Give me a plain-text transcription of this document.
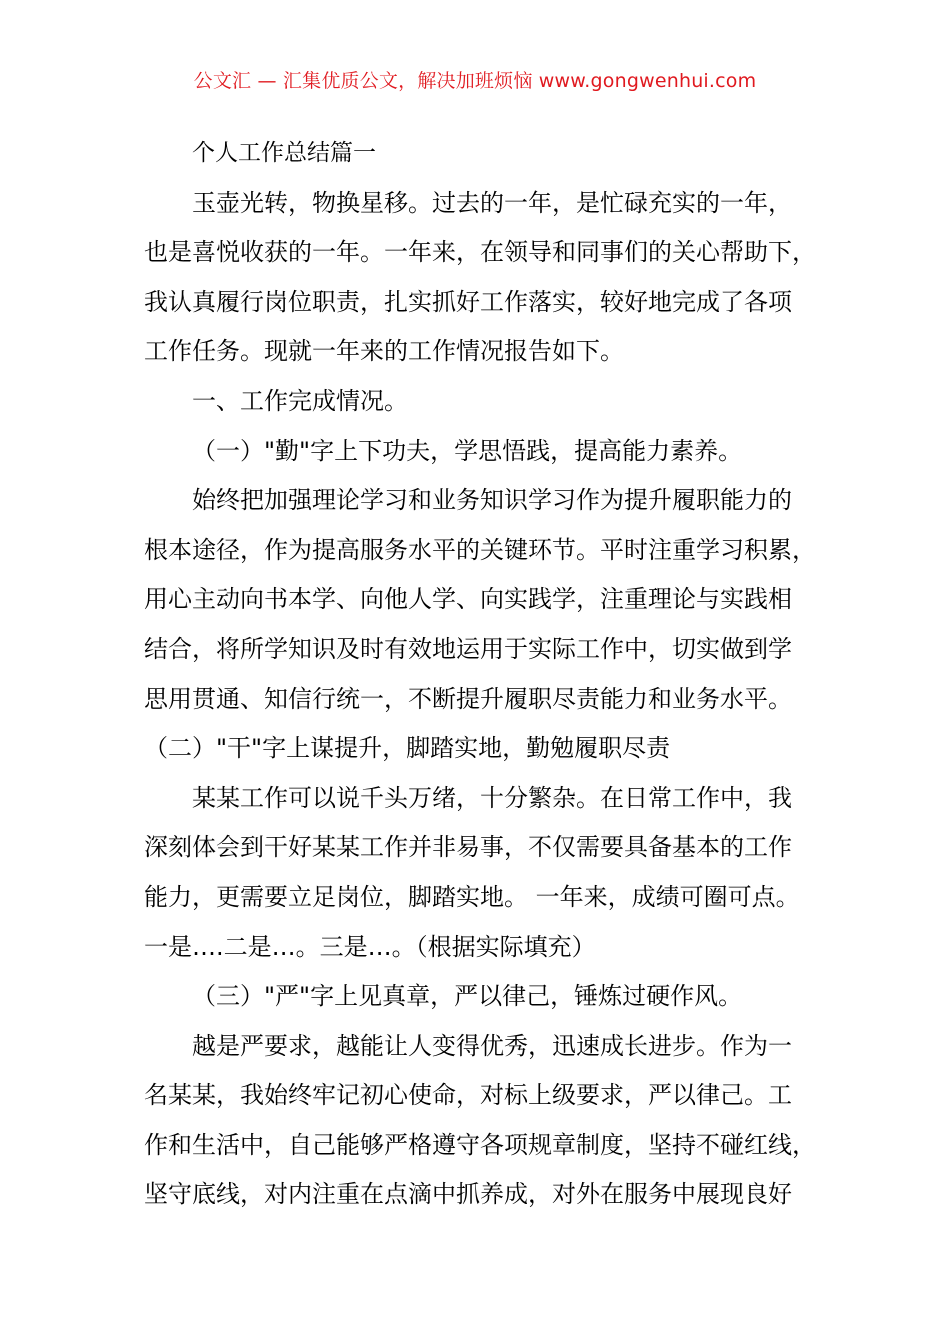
公文汇 — 汇集优质公文，解决加班烦恼 www.gongwenhui.com
个人工作总结篇一
玉壶光转，物换星移。过去的一年，是忙碌充实的一年，
也是喜悦收获的一年。一年来，在领导和同事们的关心帮助下，
我认真履行岗位职责，扎实抓好工作落实，较好地完成了各项
工作任务。现就一年来的工作情况报告如下。
一、工作完成情况。
（一）"勤"字上下功夫，学思悟践，提高能力素养。
始终把加强理论学习和业务知识学习作为提升履职能力的
根本途径，作为提高服务水平的关键环节。平时注重学习积累，
用心主动向书本学、向他人学、向实践学，注重理论与实践相
结合，将所学知识及时有效地运用于实际工作中，切实做到学
思用贯通、知信行统一，不断提升履职尽责能力和业务水平。
（二）"干"字上谋提升，脚踏实地，勤勉履职尽责
某某工作可以说千头万绪，十分繁杂。在日常工作中，我
深刻体会到干好某某工作并非易事，不仅需要具备基本的工作
能力，更需要立足岗位，脚踏实地。 一年来，成绩可圈可点。
一是….二是…。三是…。（根据实际填充）
（三）"严"字上见真章，严以律己，锤炼过硬作风。
越是严要求，越能让人变得优秀，迅速成长进步。作为一
名某某，我始终牢记初心使命，对标上级要求，严以律己。工
作和生活中，自己能够严格遵守各项规章制度，坚持不碰红线，
坚守底线，对内注重在点滴中抓养成，对外在服务中展现良好
